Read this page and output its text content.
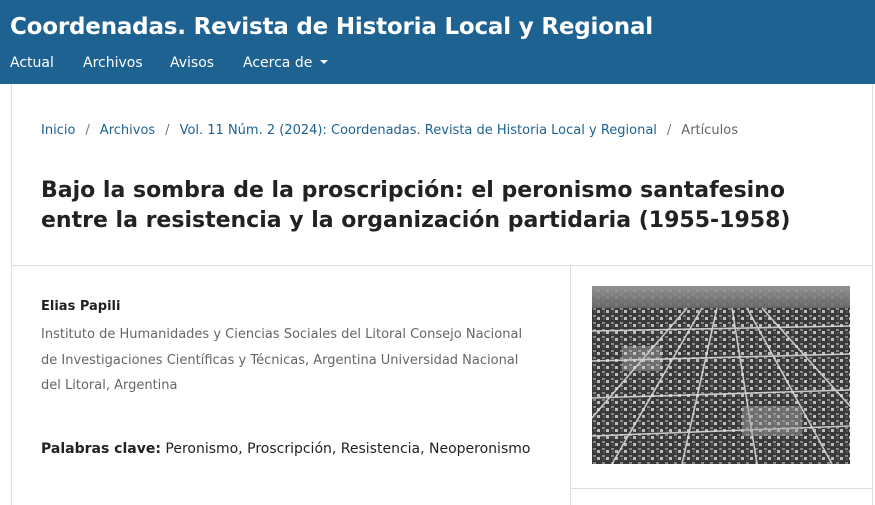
Coordenadas. Revista de Historia Local y Regional
Actual Archivos Avisos Acerca de
Inicio / Archivos / Vol. 11 Núm. 2 (2024): Coordenadas. Revista de Historia Local y Regional / Artículos
Bajo la sombra de la proscripción: el peronismo santafesino entre la resistencia y la organización partidaria (1955-1958)
Elias Papili
Instituto de Humanidades y Ciencias Sociales del Litoral Consejo Nacional de Investigaciones Científicas y Técnicas, Argentina Universidad Nacional del Litoral, Argentina
Palabras clave: Peronismo, Proscripción, Resistencia, Neoperonismo
